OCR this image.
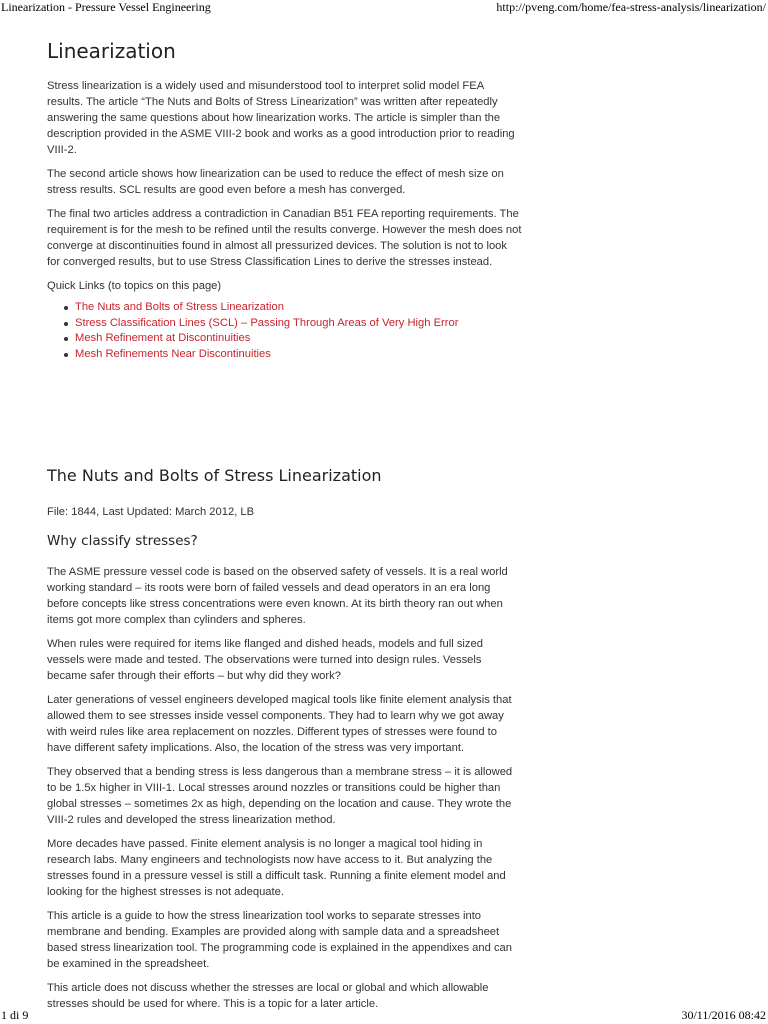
Linearization - Pressure Vessel Engineering	http://pveng.com/home/fea-stress-analysis/linearization/
Linearization

Stress linearization is a widely used and misunderstood tool to interpret solid model FEA results. The article “The Nuts and Bolts of Stress Linearization” was written after repeatedly answering the same questions about how linearization works. The article is simpler than the description provided in the ASME VIII-2 book and works as a good introduction prior to reading VIII-2.

The second article shows how linearization can be used to reduce the effect of mesh size on stress results. SCL results are good even before a mesh has converged.

The final two articles address a contradiction in Canadian B51 FEA reporting requirements. The requirement is for the mesh to be refined until the results converge. However the mesh does not converge at discontinuities found in almost all pressurized devices. The solution is not to look for converged results, but to use Stress Classification Lines to derive the stresses instead.

Quick Links (to topics on this page)

The Nuts and Bolts of Stress Linearization
Stress Classification Lines (SCL) – Passing Through Areas of Very High Error
Mesh Refinement at Discontinuities
Mesh Refinements Near Discontinuities
The Nuts and Bolts of Stress Linearization

File: 1844, Last Updated: March 2012, LB

Why classify stresses?

The ASME pressure vessel code is based on the observed safety of vessels. It is a real world working standard – its roots were born of failed vessels and dead operators in an era long before concepts like stress concentrations were even known. At its birth theory ran out when items got more complex than cylinders and spheres.

When rules were required for items like flanged and dished heads, models and full sized vessels were made and tested. The observations were turned into design rules. Vessels became safer through their efforts – but why did they work?

Later generations of vessel engineers developed magical tools like finite element analysis that allowed them to see stresses inside vessel components. They had to learn why we got away with weird rules like area replacement on nozzles. Different types of stresses were found to have different safety implications. Also, the location of the stress was very important.

They observed that a bending stress is less dangerous than a membrane stress – it is allowed to be 1.5x higher in VIII-1. Local stresses around nozzles or transitions could be higher than global stresses – sometimes 2x as high, depending on the location and cause. They wrote the VIII-2 rules and developed the stress linearization method.

More decades have passed. Finite element analysis is no longer a magical tool hiding in research labs. Many engineers and technologists now have access to it. But analyzing the stresses found in a pressure vessel is still a difficult task. Running a finite element model and looking for the highest stresses is not adequate.

This article is a guide to how the stress linearization tool works to separate stresses into membrane and bending. Examples are provided along with sample data and a spreadsheet based stress linearization tool. The programming code is explained in the appendixes and can be examined in the spreadsheet.

This article does not discuss whether the stresses are local or global and which allowable stresses should be used for where. This is a topic for a later article.

1 di 9	30/11/2016 08:42
